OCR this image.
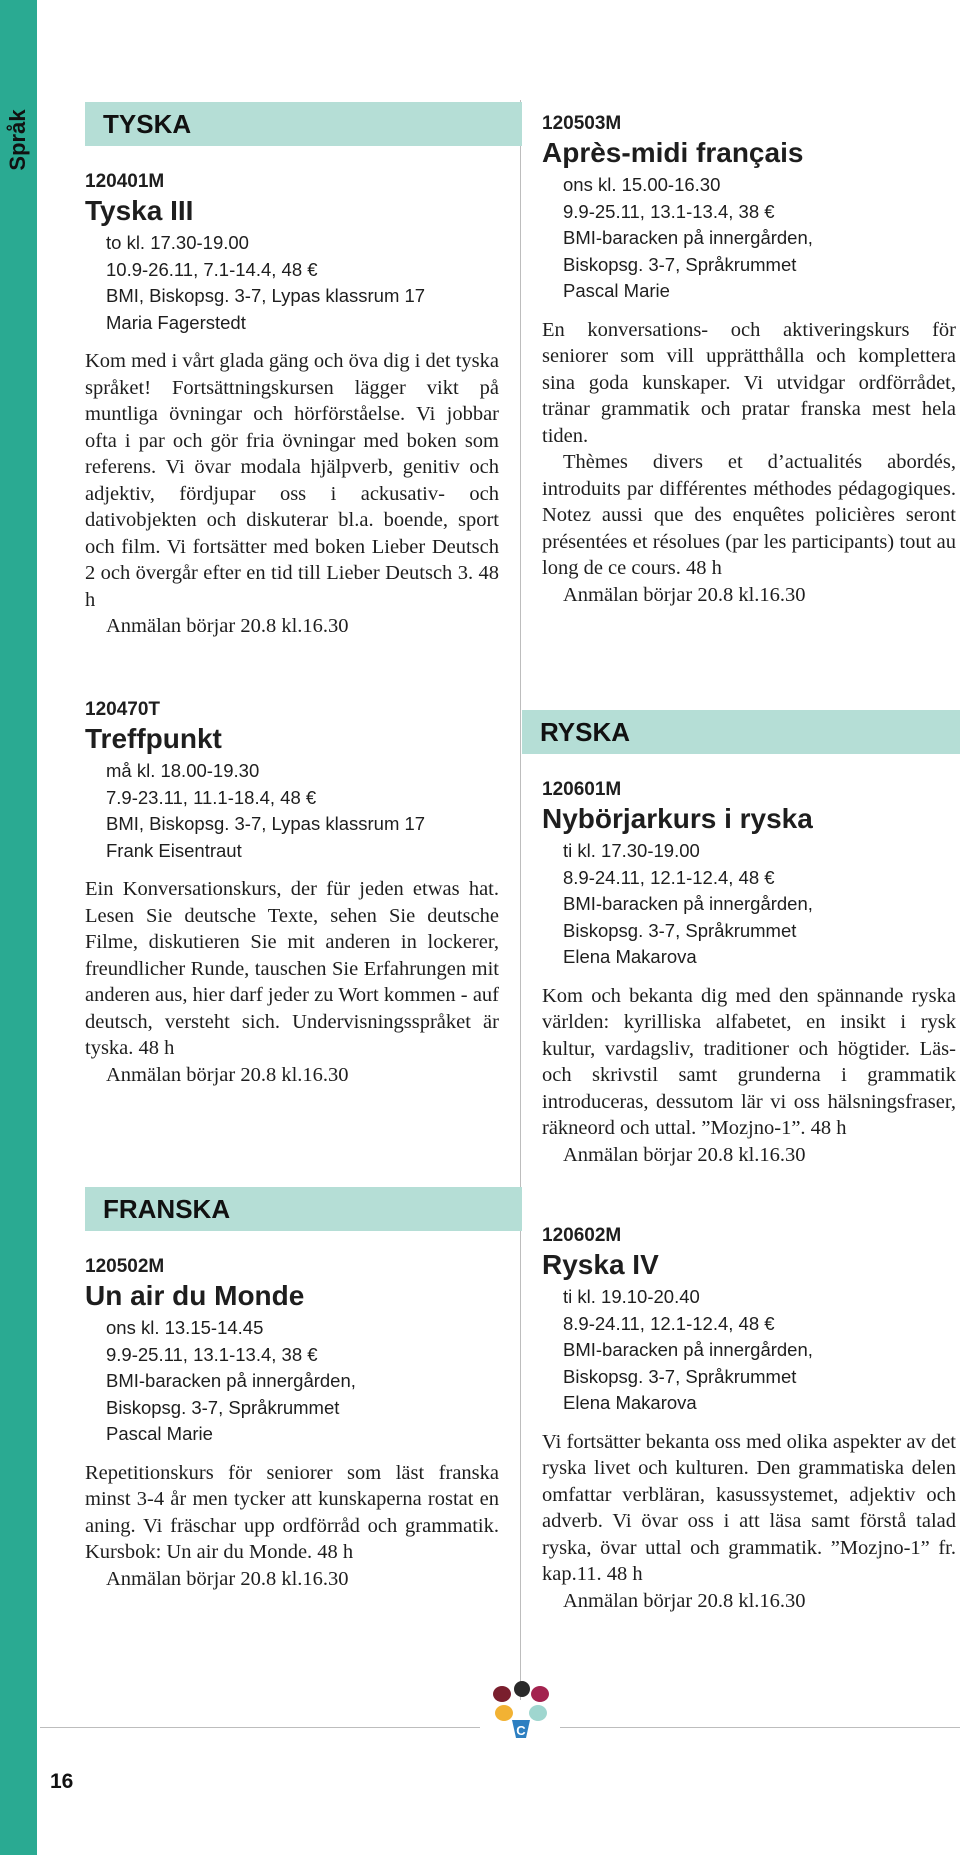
Språk
16
C
TYSKA
120401M
Tyska III
to kl. 17.30-19.00
10.9-26.11, 7.1-14.4, 48 €
BMI, Biskopsg. 3-7, Lypas klassrum 17
Maria Fagerstedt

Kom med i vårt glada gäng och öva dig i det tyska språket! Fortsättningskursen lägger vikt på muntliga övningar och hörförståelse. Vi jobbar ofta i par och gör fria övningar med boken som referens. Vi övar modala hjälpverb, genitiv och adjektiv, fördjupar oss i ackusativ- och dativobjekten och diskuterar bl.a. boende, sport och film. Vi fortsätter med boken Lieber Deutsch 2 och övergår efter en tid till Lieber Deutsch 3. 48 h

Anmälan börjar 20.8 kl.16.30
120470T
Treffpunkt
må kl. 18.00-19.30
7.9-23.11, 11.1-18.4, 48 €
BMI, Biskopsg. 3-7, Lypas klassrum 17
Frank Eisentraut

Ein Konversationskurs, der für jeden etwas hat. Lesen Sie deutsche Texte, sehen Sie deutsche Filme, diskutieren Sie mit anderen in lockerer, freundlicher Runde, tauschen Sie Erfahrungen mit anderen aus, hier darf jeder zu Wort kommen - auf deutsch, versteht sich. Undervisningsspråket är tyska. 48 h

Anmälan börjar 20.8 kl.16.30
FRANSKA
120502M
Un air du Monde
ons kl. 13.15-14.45
9.9-25.11, 13.1-13.4, 38 €
BMI-baracken på innergården,
Biskopsg. 3-7, Språkrummet
Pascal Marie

Repetitionskurs för seniorer som läst franska minst 3-4 år men tycker att kunskaperna rostat en aning. Vi fräschar upp ordförråd och grammatik. Kursbok: Un air du Monde. 48 h

Anmälan börjar 20.8 kl.16.30
120503M
Après-midi français
ons kl. 15.00-16.30
9.9-25.11, 13.1-13.4, 38 €
BMI-baracken på innergården,
Biskopsg. 3-7, Språkrummet
Pascal Marie

En konversations- och aktiveringskurs för seniorer som vill upprätthålla och komplettera sina goda kunskaper. Vi utvidgar ordförrådet, tränar grammatik och pratar franska mest hela tiden.

Thèmes divers et d’actualités abordés, introduits par différentes méthodes pédagogiques. Notez aussi que des enquêtes policières seront présentées et résolues (par les participants) tout au long de ce cours. 48 h

Anmälan börjar 20.8 kl.16.30
RYSKA
120601M
Nybörjarkurs i ryska
ti kl. 17.30-19.00
8.9-24.11, 12.1-12.4, 48 €
BMI-baracken på innergården,
Biskopsg. 3-7, Språkrummet
Elena Makarova

Kom och bekanta dig med den spännande ryska världen: kyrilliska alfabetet, en insikt i rysk kultur, vardagsliv, traditioner och högtider. Läs- och skrivstil samt grunderna i grammatik introduceras, dessutom lär vi oss hälsningsfraser, räkneord och uttal. ”Mozjno-1”. 48 h

Anmälan börjar 20.8 kl.16.30
120602M
Ryska IV
ti kl. 19.10-20.40
8.9-24.11, 12.1-12.4, 48 €
BMI-baracken på innergården,
Biskopsg. 3-7, Språkrummet
Elena Makarova

Vi fortsätter bekanta oss med olika aspekter av det ryska livet och kulturen. Den grammatiska delen omfattar verbläran, kasussystemet, adjektiv och adverb. Vi övar oss i att läsa samt förstå talad ryska, övar uttal och grammatik. ”Mozjno-1” fr. kap.11. 48 h

Anmälan börjar 20.8 kl.16.30
